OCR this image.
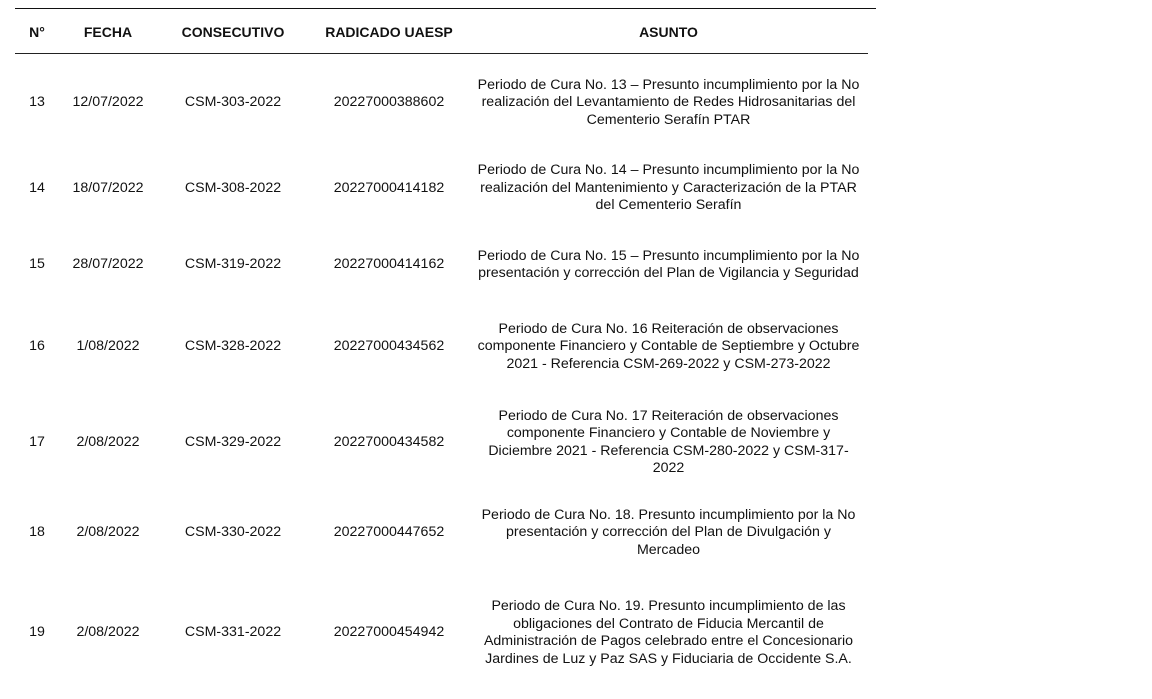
N°	FECHA	CONSECUTIVO	RADICADO UAESP	ASUNTO
13	12/07/2022	CSM-303-2022	20227000388602	Periodo de Cura No. 13 – Presunto incumplimiento por la No realización del Levantamiento de Redes Hidrosanitarias del Cementerio Serafín PTAR
14	18/07/2022	CSM-308-2022	20227000414182	Periodo de Cura No. 14 – Presunto incumplimiento por la No realización del Mantenimiento y Caracterización de la PTAR del Cementerio Serafín
15	28/07/2022	CSM-319-2022	20227000414162	Periodo de Cura No. 15 – Presunto incumplimiento por la No presentación y corrección del Plan de Vigilancia y Seguridad
16	1/08/2022	CSM-328-2022	20227000434562	Periodo de Cura No. 16 Reiteración de observaciones componente Financiero y Contable de Septiembre y Octubre 2021 - Referencia CSM-269-2022 y CSM-273-2022
17	2/08/2022	CSM-329-2022	20227000434582	Periodo de Cura No. 17 Reiteración de observaciones componente Financiero y Contable de Noviembre y Diciembre 2021 - Referencia CSM-280-2022 y CSM-317-2022
18	2/08/2022	CSM-330-2022	20227000447652	Periodo de Cura No. 18. Presunto incumplimiento por la No presentación y corrección del Plan de Divulgación y Mercadeo
19	2/08/2022	CSM-331-2022	20227000454942	Periodo de Cura No. 19. Presunto incumplimiento de las obligaciones del Contrato de Fiducia Mercantil de Administración de Pagos celebrado entre el Concesionario Jardines de Luz y Paz SAS y Fiduciaria de Occidente S.A.
